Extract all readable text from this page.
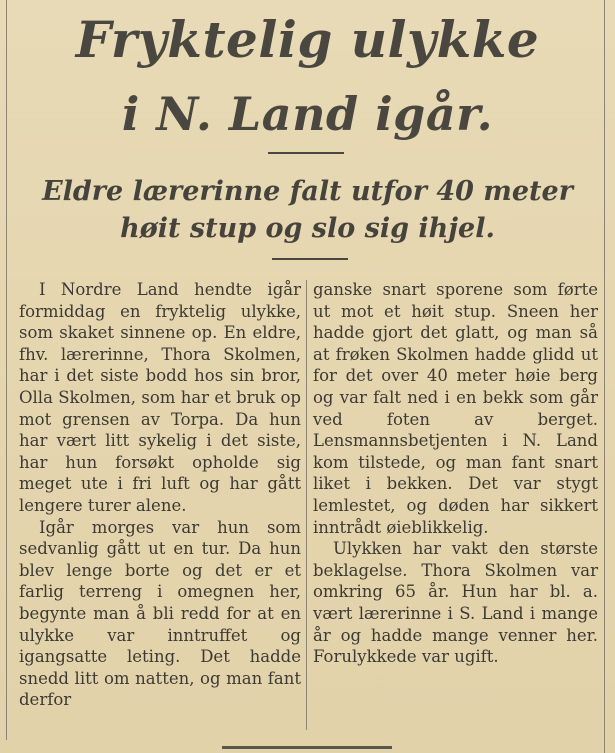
Fryktelig ulykke
i N. Land igår.
Eldre lærerinne falt utfor 40 meter
høit stup og slo sig ihjel.

I Nordre Land hendte igår formiddag en fryktelig ulykke, som skaket sinnene op. En eldre, fhv. lærerinne, Thora Skolmen, har i det siste bodd hos sin bror, Olla Skolmen, som har et bruk op mot grensen av Torpa. Da hun har vært litt sykelig i det siste, har hun forsøkt opholde sig meget ute i fri luft og har gått lengere turer alene.

Igår morges var hun som sedvanlig gått ut en tur. Da hun blev lenge borte og det er et farlig terreng i omegnen her, begynte man å bli redd for at en ulykke var inntruffet og igangsatte leting. Det hadde snedd litt om natten, og man fant derfor

ganske snart sporene som førte ut mot et høit stup. Sneen her hadde gjort det glatt, og man så at frøken Skolmen hadde glidd ut for det over 40 meter høie berg og var falt ned i en bekk som går ved foten av berget. Lensmannsbetjenten i N. Land kom tilstede, og man fant snart liket i bekken. Det var stygt lemlestet, og døden har sikkert inntrådt øieblikkelig.

Ulykken har vakt den største beklagelse. Thora Skolmen var omkring 65 år. Hun har bl. a. vært lærerinne i S. Land i mange år og hadde mange venner her. Forulykkede var ugift.
